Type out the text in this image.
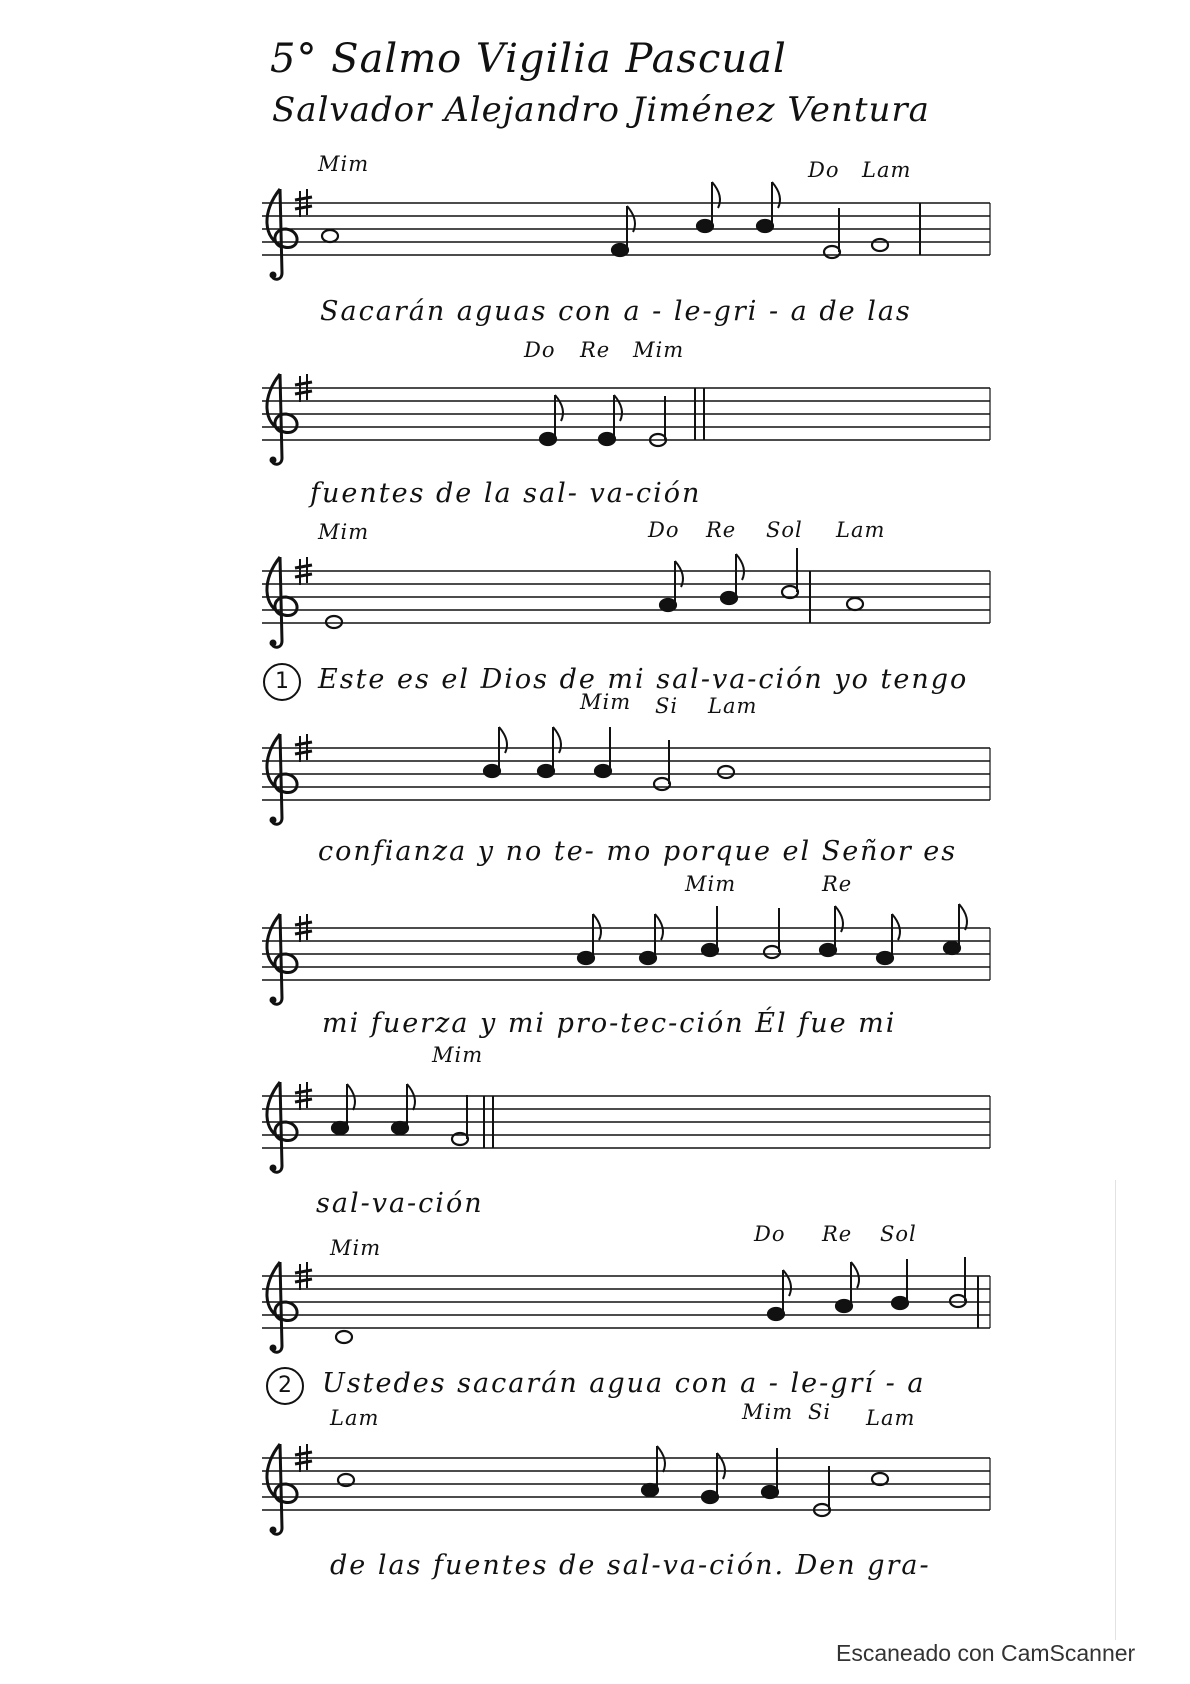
5° Salmo Vigilia Pascual
Salvador Alejandro Jiménez Ventura
Mim	Do Lam
Sacarán aguas con a - le-gri - a de las
Do Re Mim
fuentes de la sal- va-ción
Mim	Do Re Sol Lam
1	Este es el Dios de mi sal-va-ción yo tengo
Mim Si Lam
confianza y no te- mo porque el Señor es
Mim	Re
mi fuerza y mi pro-tec-ción Él fue mi
Mim
sal-va-ción
Mim
Do Re Sol
2	Ustedes sacarán agua con a - le-grí - a
Lam	Mim Si Lam
de las fuentes de sal-va-ción. Den gra-
Escaneado con CamScanner
